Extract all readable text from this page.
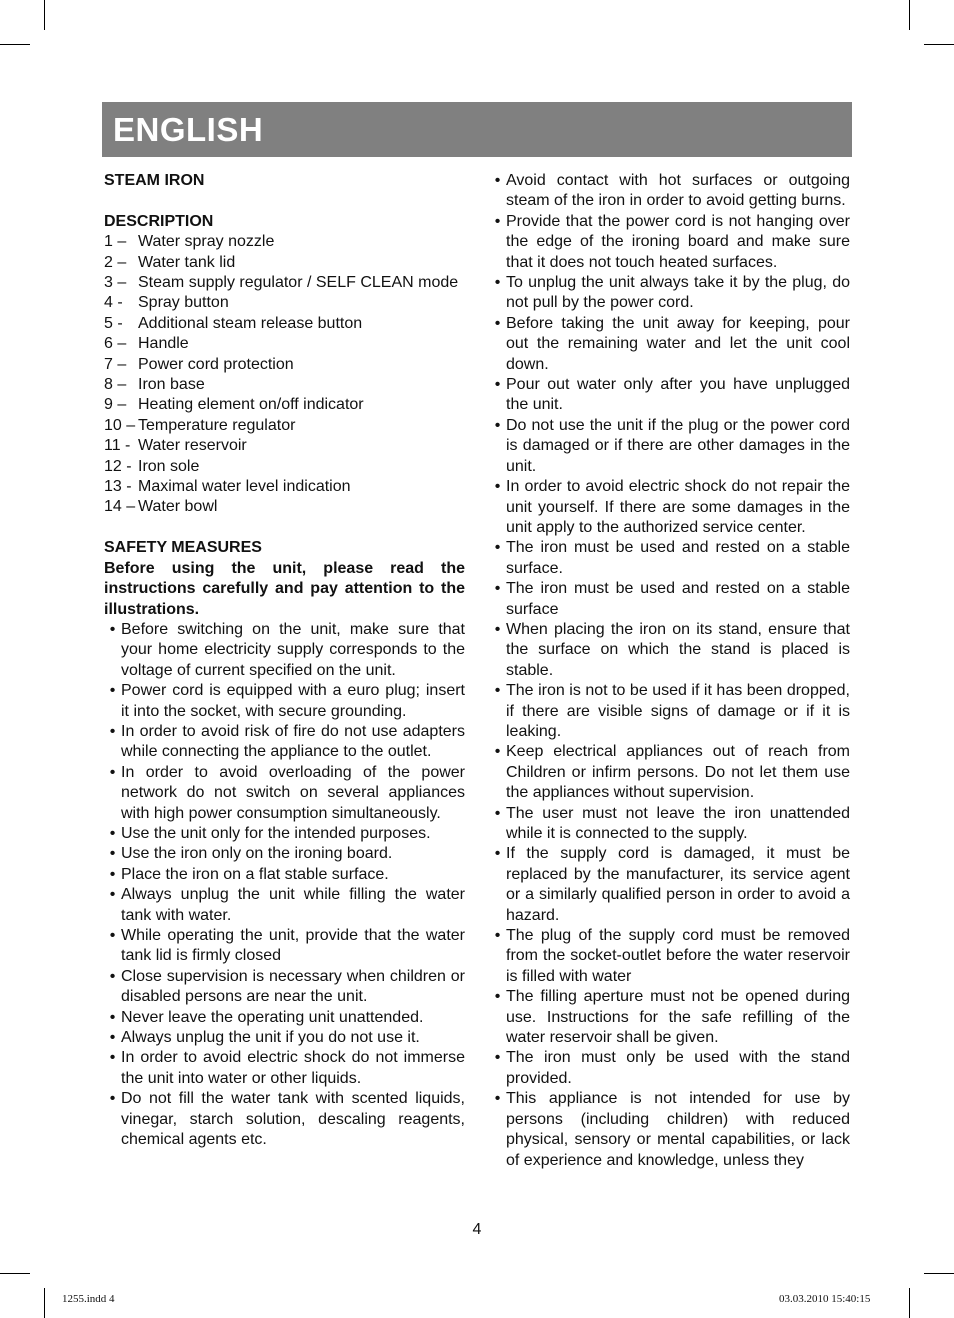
ENGLISH
STEAM IRON
DESCRIPTION
1 – Water spray nozzle
2 – Water tank lid
3 – Steam supply regulator / SELF CLEAN mode
4 - Spray button
5 - Additional steam release button
6 – Handle
7 – Power cord protection
8 – Iron base
9 – Heating element on/off indicator
10 – Temperature regulator
11 - Water reservoir
12 - Iron sole
13 - Maximal water level indication
14 – Water bowl
SAFETY MEASURES
Before using the unit, please read the instructions carefully and pay attention to the illustrations.
• Before switching on the unit, make sure that your home electricity supply corresponds to the voltage of current specified on the unit.
• Power cord is equipped with a euro plug; insert it into the socket, with secure grounding.
• In order to avoid risk of fire do not use adapters while connecting the appliance to the outlet.
• In order to avoid overloading of the power network do not switch on several appliances with high power consumption simultaneously.
• Use the unit only for the intended purposes.
• Use the iron only on the ironing board.
• Place the iron on a flat stable surface.
• Always unplug the unit while filling the water tank with water.
• While operating the unit, provide that the water tank lid is firmly closed
• Close supervision is necessary when children or disabled persons are near the unit.
• Never leave the operating unit unattended.
• Always unplug the unit if you do not use it.
• In order to avoid electric shock do not immerse the unit into water or other liquids.
• Do not fill the water tank with scented liquids, vinegar, starch solution, descaling reagents, chemical agents etc.
• Avoid contact with hot surfaces or outgoing steam of the iron in order to avoid getting burns.
• Provide that the power cord is not hanging over the edge of the ironing board and make sure that it does not touch heated surfaces.
• To unplug the unit always take it by the plug, do not pull by the power cord.
• Before taking the unit away for keeping, pour out the remaining water and let the unit cool down.
• Pour out water only after you have unplugged the unit.
• Do not use the unit if the plug or the power cord is damaged or if there are other damages in the unit.
• In order to avoid electric shock do not repair the unit yourself. If there are some damages in the unit apply to the authorized service center.
• The iron must be used and rested on a stable surface.
• The iron must be used and rested on a stable surface
• When placing the iron on its stand, ensure that the surface on which the stand is placed is stable.
• The iron is not to be used if it has been dropped, if there are visible signs of damage or if it is leaking.
• Keep electrical appliances out of reach from Children or infirm persons. Do not let them use the appliances without supervision.
• The user must not leave the iron unattended while it is connected to the supply.
• If the supply cord is damaged, it must be replaced by the manufacturer, its service agent or a similarly qualified person in order to avoid a hazard.
• The plug of the supply cord must be removed from the socket-outlet before the water reservoir is filled with water
• The filling aperture must not be opened during use. Instructions for the safe refilling of the water reservoir shall be given.
• The iron must only be used with the stand provided.
• This appliance is not intended for use by persons (including children) with reduced physical, sensory or mental capabilities, or lack of experience and knowledge, unless they
4
1255.indd 4	03.03.2010 15:40:15
